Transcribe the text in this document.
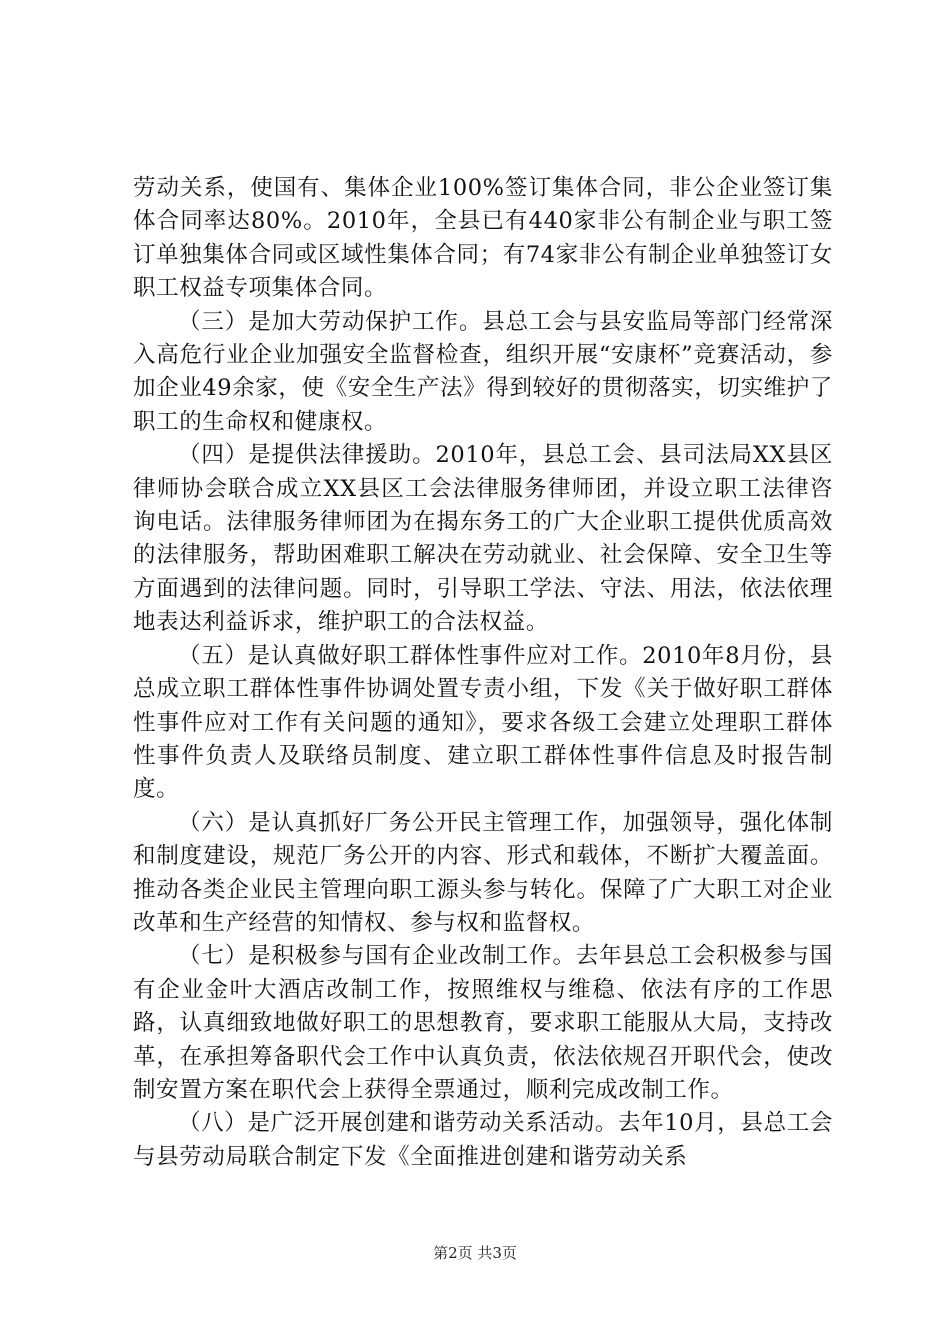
劳动关系，使国有、集体企业100%签订集体合同，非公企业签订集体合同率达80%。2010年，全县已有440家非公有制企业与职工签订单独集体合同或区域性集体合同；有74家非公有制企业单独签订女职工权益专项集体合同。

（三）是加大劳动保护工作。县总工会与县安监局等部门经常深入高危行业企业加强安全监督检查，组织开展“安康杯”竞赛活动，参加企业49余家，使《安全生产法》得到较好的贯彻落实，切实维护了职工的生命权和健康权。

（四）是提供法律援助。2010年，县总工会、县司法局XX县区律师协会联合成立XX县区工会法律服务律师团，并设立职工法律咨询电话。法律服务律师团为在揭东务工的广大企业职工提供优质高效的法律服务，帮助困难职工解决在劳动就业、社会保障、安全卫生等方面遇到的法律问题。同时，引导职工学法、守法、用法，依法依理地表达利益诉求，维护职工的合法权益。

（五）是认真做好职工群体性事件应对工作。2010年8月份，县总成立职工群体性事件协调处置专责小组，下发《关于做好职工群体性事件应对工作有关问题的通知》，要求各级工会建立处理职工群体性事件负责人及联络员制度、建立职工群体性事件信息及时报告制度。

（六）是认真抓好厂务公开民主管理工作，加强领导，强化体制和制度建设，规范厂务公开的内容、形式和载体，不断扩大覆盖面。推动各类企业民主管理向职工源头参与转化。保障了广大职工对企业改革和生产经营的知情权、参与权和监督权。

（七）是积极参与国有企业改制工作。去年县总工会积极参与国有企业金叶大酒店改制工作，按照维权与维稳、依法有序的工作思路，认真细致地做好职工的思想教育，要求职工能服从大局，支持改革，在承担筹备职代会工作中认真负责，依法依规召开职代会，使改制安置方案在职代会上获得全票通过，顺利完成改制工作。

（八）是广泛开展创建和谐劳动关系活动。去年10月，县总工会与县劳动局联合制定下发《全面推进创建和谐劳动关系

第2页 共3页
